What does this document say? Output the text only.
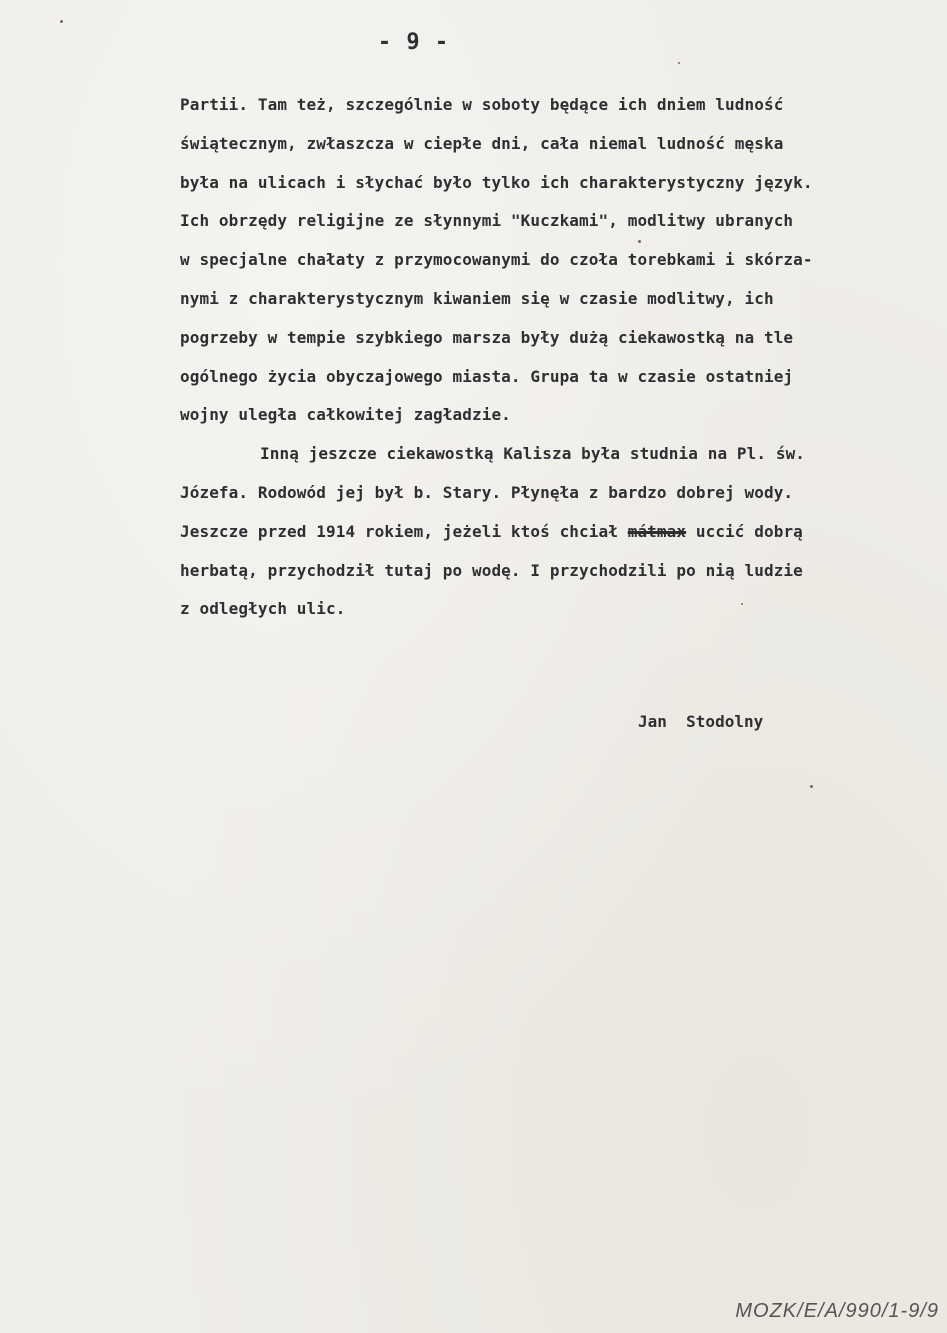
- 9 -
Partii. Tam też, szczególnie w soboty będące ich dniem ludność
świątecznym, zwłaszcza w ciepłe dni, cała niemal ludność męska
była na ulicach i słychać było tylko ich charakterystyczny język.
Ich obrzędy religijne ze słynnymi "Kuczkami", modlitwy ubranych
w specjalne chałaty z przymocowanymi do czoła torebkami i skórza-
nymi z charakterystycznym kiwaniem się w czasie modlitwy, ich
pogrzeby w tempie szybkiego marsza były dużą ciekawostką na tle
ogólnego życia obyczajowego miasta. Grupa ta w czasie ostatniej
wojny uległa całkowitej zagładzie.
Inną jeszcze ciekawostką Kalisza była studnia na Pl. św.
Józefa. Rodowód jej był b. Stary. Płynęła z bardzo dobrej wody.
Jeszcze przed 1914 rokiem, jeżeli ktoś chciał mátmax uccić dobrą
herbatą, przychodził tutaj po wodę. I przychodzili po nią ludzie
z odległych ulic.
Jan  Stodolny
MOZK/E/A/990/1-9/9
